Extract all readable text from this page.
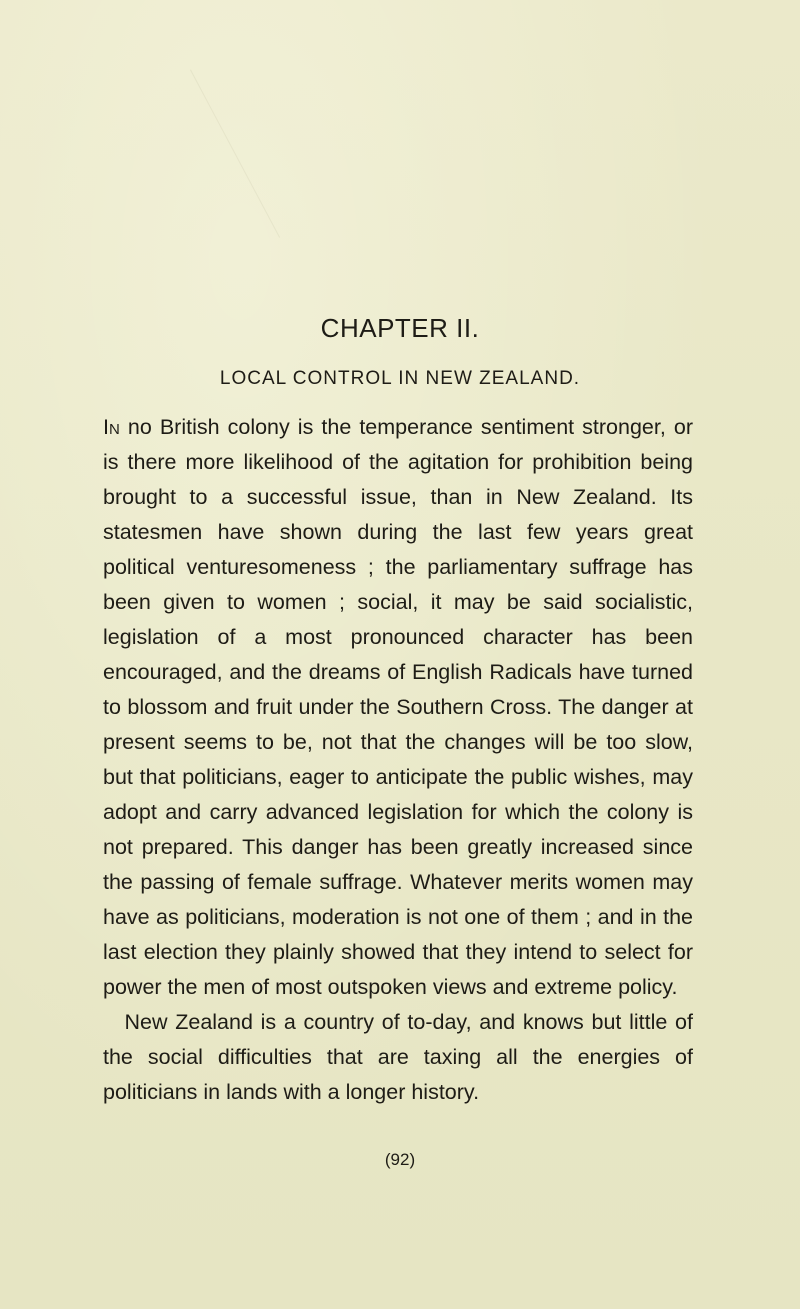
CHAPTER II.
LOCAL CONTROL IN NEW ZEALAND.

In no British colony is the temperance sentiment stronger, or is there more likelihood of the agitation for prohibition being brought to a successful issue, than in New Zealand. Its statesmen have shown during the last few years great political venturesomeness ; the parliamentary suffrage has been given to women ; social, it may be said socialistic, legislation of a most pronounced character has been encouraged, and the dreams of English Radicals have turned to blossom and fruit under the Southern Cross. The danger at present seems to be, not that the changes will be too slow, but that politicians, eager to anticipate the public wishes, may adopt and carry advanced legislation for which the colony is not prepared. This danger has been greatly increased since the passing of female suffrage. Whatever merits women may have as politicians, moderation is not one of them ; and in the last election they plainly showed that they intend to select for power the men of most outspoken views and extreme policy.

 New Zealand is a country of to-day, and knows but little of the social difficulties that are taxing all the energies of politicians in lands with a longer history.

(92)
